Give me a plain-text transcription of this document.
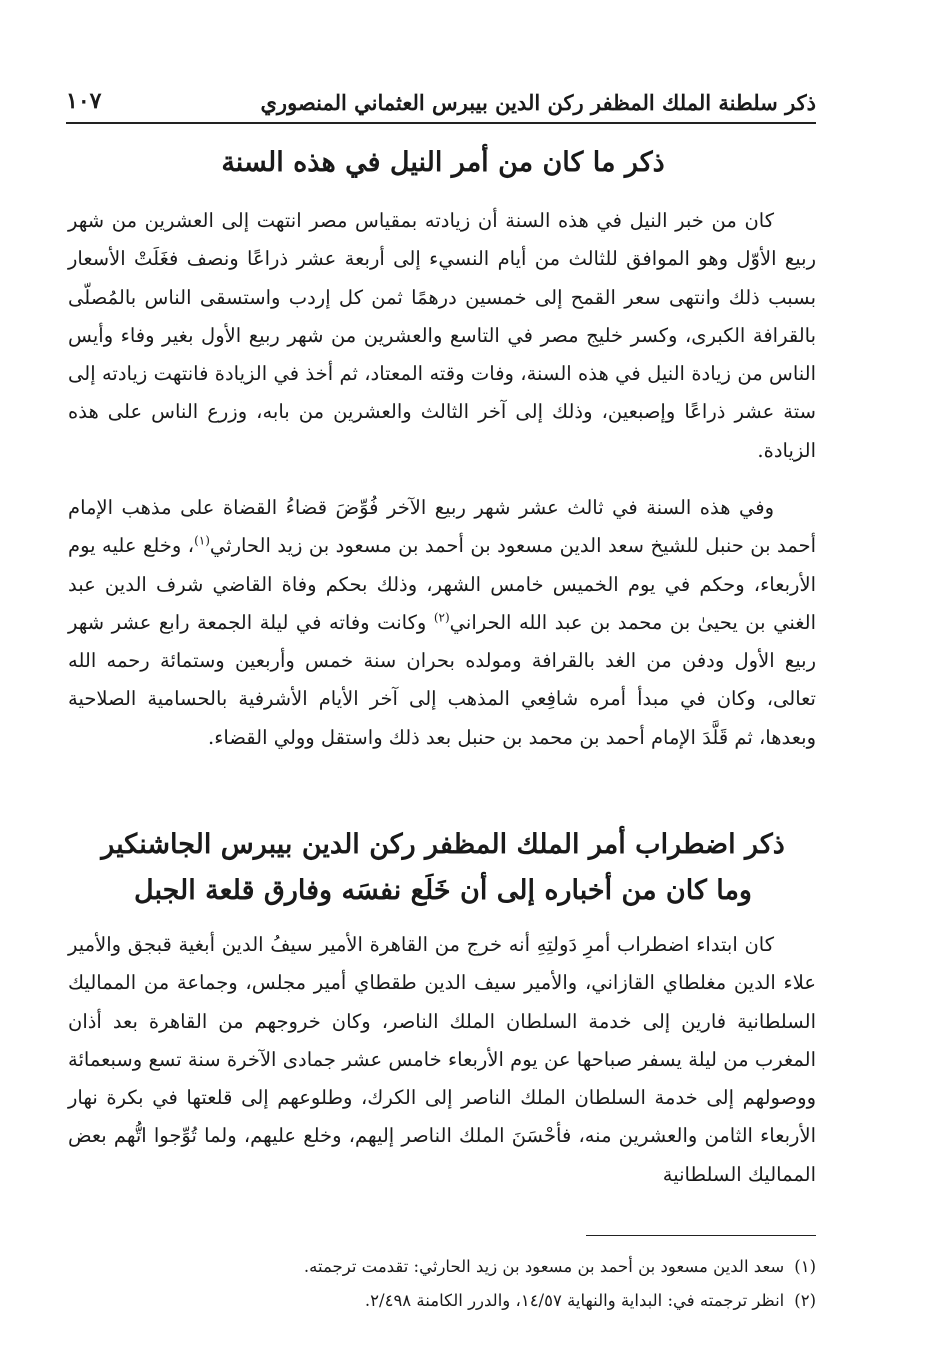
ذكر سلطنة الملك المظفر ركن الدين بيبرس العثماني المنصوري
١٠٧
ذكر ما كان من أمر النيل في هذه السنة

كان من خبر النيل في هذه السنة أن زيادته بمقياس مصر انتهت إلى العشرين من شهر ربيع الأوّل وهو الموافق للثالث من أيام النسيء إلى أربعة عشر ذراعًا ونصف فغَلَتْ الأسعار بسبب ذلك وانتهى سعر القمح إلى خمسين درهمًا ثمن كل إردب واستسقى الناس بالمُصلّى بالقرافة الكبرى، وكسر خليج مصر في التاسع والعشرين من شهر ربيع الأول بغير وفاء وأيس الناس من زيادة النيل في هذه السنة، وفات وقته المعتاد، ثم أخذ في الزيادة فانتهت زيادته إلى ستة عشر ذراعًا وإصبعين، وذلك إلى آخر الثالث والعشرين من بابه، وزرع الناس على هذه الزيادة.

وفي هذه السنة في ثالث عشر شهر ربيع الآخر فُوِّضَ قضاءُ القضاة على مذهب الإمام أحمد بن حنبل للشيخ سعد الدين مسعود بن أحمد بن مسعود بن زيد الحارثي$^{(١)}$، وخلع عليه يوم الأربعاء، وحكم في يوم الخميس خامس الشهر، وذلك بحكم وفاة القاضي شرف الدين عبد الغني بن يحيىٰ بن محمد بن عبد الله الحراني$^{(٢)}$ وكانت وفاته في ليلة الجمعة رابع عشر شهر ربيع الأول ودفن من الغد بالقرافة ومولده بحران سنة خمس وأربعين وستمائة رحمه الله تعالى، وكان في مبدأ أمره شافِعي المذهب إلى آخر الأيام الأشرفية بالحسامية الصلاحية وبعدها، ثم قَلَّدَ الإمام أحمد بن محمد بن حنبل بعد ذلك واستقل وولي القضاء.

ذكر اضطراب أمر الملك المظفر ركن الدين بيبرس الجاشنكير
وما كان من أخباره إلى أن خَلَع نفسَه وفارق قلعة الجبل

كان ابتداء اضطراب أمرِ دَولتِهِ أنه خرج من القاهرة الأمير سيفُ الدين أبغية قبجق والأمير علاء الدين مغلطاي القازاني، والأمير سيف الدين طقطاي أمير مجلس، وجماعة من المماليك السلطانية فارين إلى خدمة السلطان الملك الناصر، وكان خروجهم من القاهرة بعد أذان المغرب من ليلة يسفر صباحها عن يوم الأربعاء خامس عشر جمادى الآخرة سنة تسع وسبعمائة ووصولهم إلى خدمة السلطان الملك الناصر إلى الكرك، وطلوعهم إلى قلعتها في بكرة نهار الأربعاء الثامن والعشرين منه، فأحْسَنَ الملك الناصر إليهم، وخلع عليهم، ولما تُوِّجوا اتُّهم بعض المماليك السلطانية

(١)سعد الدين مسعود بن أحمد بن مسعود بن زيد الحارثي: تقدمت ترجمته.
(٢)انظر ترجمته في: البداية والنهاية ١٤/٥٧، والدرر الكامنة ٢/٤٩٨.
